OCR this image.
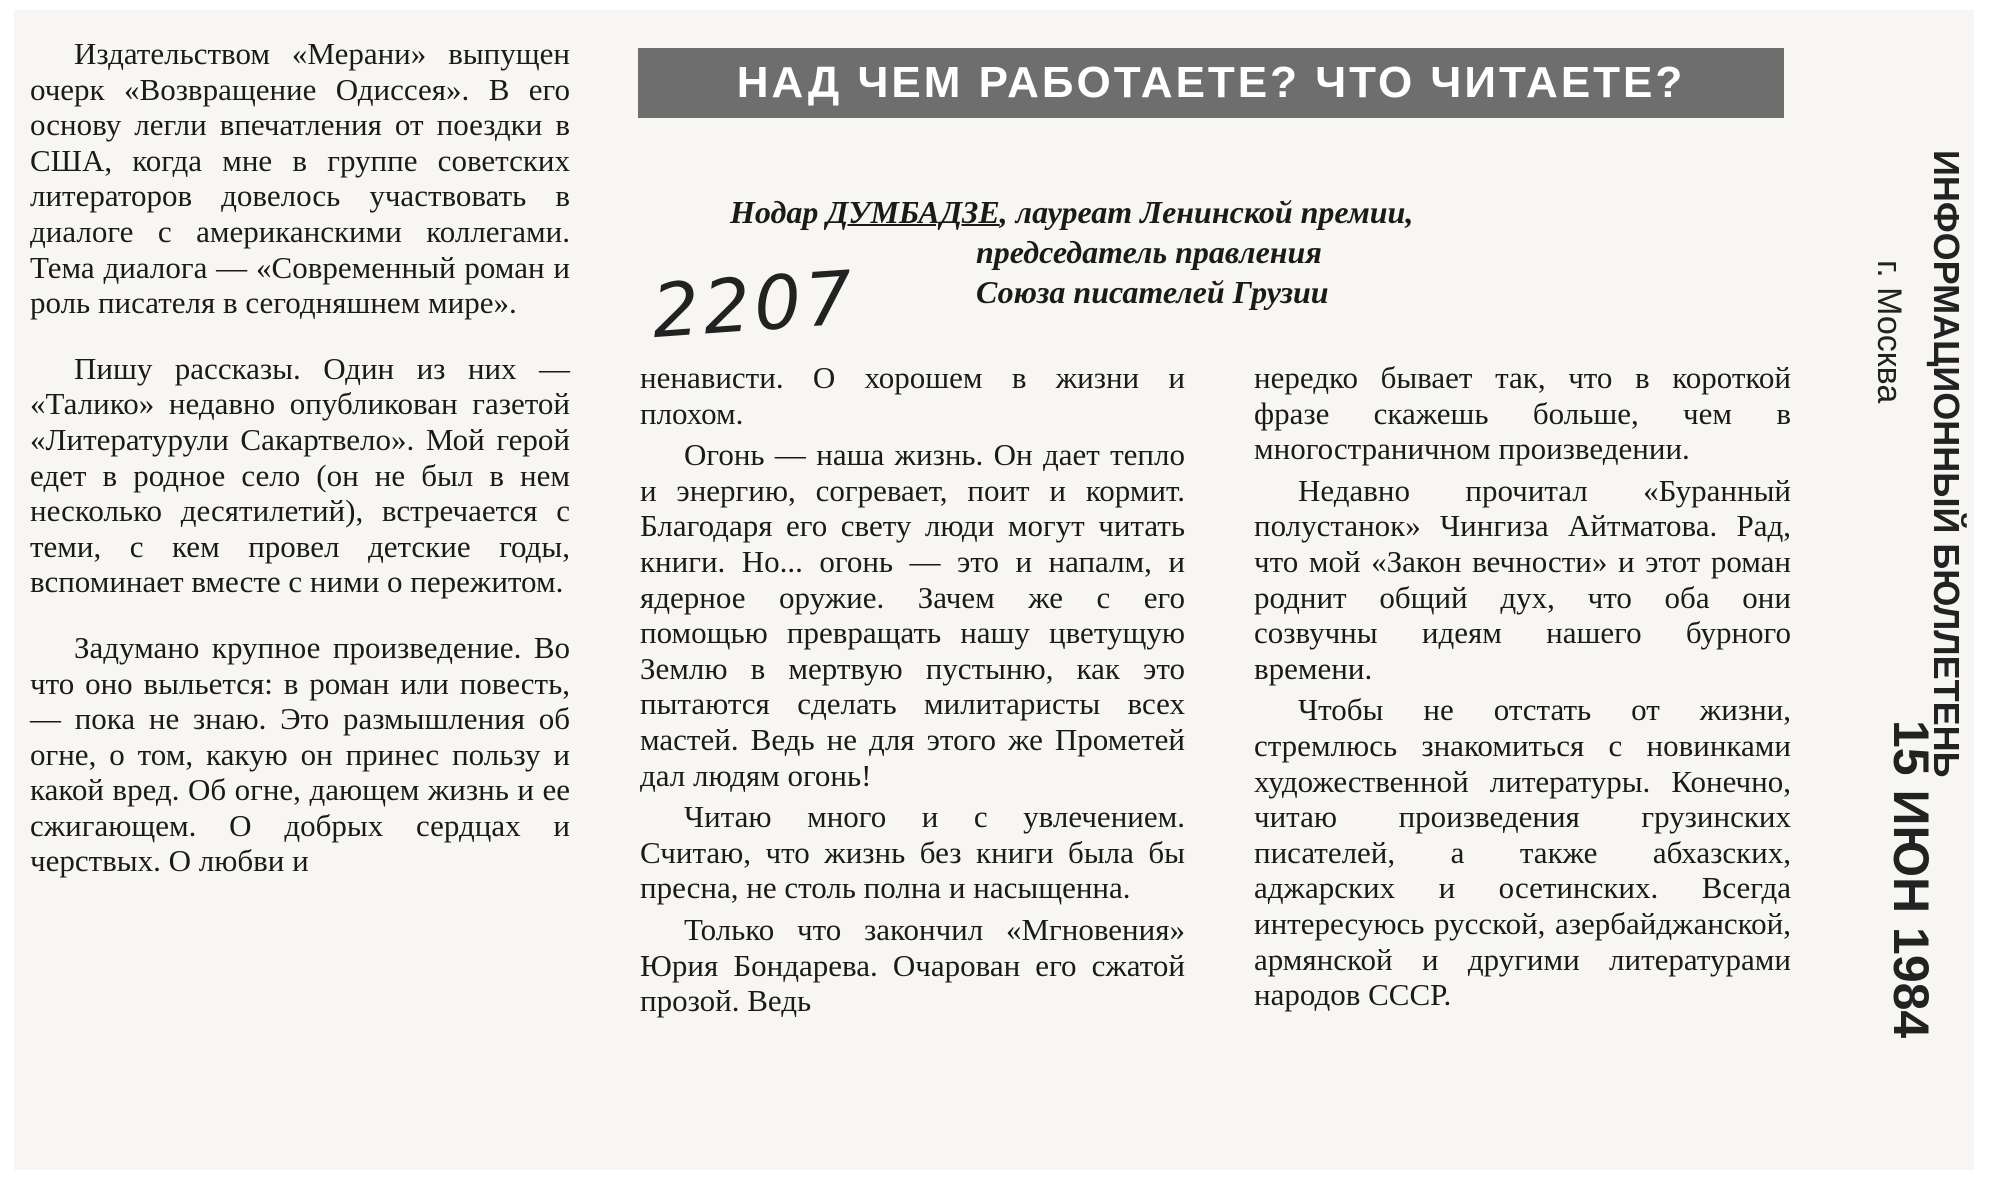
Издательством «Мерани» выпущен очерк «Возвращение Одиссея». В его основу легли впечатления от поездки в США, когда мне в группе советских литераторов довелось участвовать в диалоге с американскими коллегами. Тема диалога — «Современный роман и роль писателя в сегодняшнем мире».

Пишу рассказы. Один из них — «Талико» недавно опубликован газетой «Литературули Сакартвело». Мой герой едет в родное село (он не был в нем несколько десятилетий), встречается с теми, с кем провел детские годы, вспоминает вместе с ними о пережитом.

Задумано крупное произведение. Во что оно выльется: в роман или повесть, — пока не знаю. Это размышления об огне, о том, какую он принес пользу и какой вред. Об огне, дающем жизнь и ее сжигающем. О добрых сердцах и черствых. О любви и

НАД ЧЕМ РАБОТАЕТЕ? ЧТО ЧИТАЕТЕ?
Нодар ДУМБАДЗЕ, лауреат Ленинской премии,
председатель правления
Союза писателей Грузии
2207

ненависти. О хорошем в жизни и плохом.

Огонь — наша жизнь. Он дает тепло и энергию, согревает, поит и кормит. Благодаря его свету люди могут читать книги. Но... огонь — это и напалм, и ядерное оружие. Зачем же с его помощью превращать нашу цветущую Землю в мертвую пустыню, как это пытаются сделать милитаристы всех мастей. Ведь не для этого же Прометей дал людям огонь!

Читаю много и с увлечением. Считаю, что жизнь без книги была бы пресна, не столь полна и насыщенна.

Только что закончил «Мгновения» Юрия Бондарева. Очарован его сжатой прозой. Ведь

нередко бывает так, что в короткой фразе скажешь больше, чем в многостраничном произведении.

Недавно прочитал «Буранный полустанок» Чингиза Айтматова. Рад, что мой «Закон вечности» и этот роман роднит общий дух, что оба они созвучны идеям нашего бурного времени.

Чтобы не отстать от жизни, стремлюсь знакомиться с новинками художественной литературы. Конечно, читаю произведения грузинских писателей, а также абхазских, аджарских и осетинских. Всегда интересуюсь русской, азербайджанской, армянской и другими литературами народов СССР.

ИНФОРМАЦИОННЫЙ БЮЛЛЕТЕНЬ
г. Москва
15 ИЮН 1984
